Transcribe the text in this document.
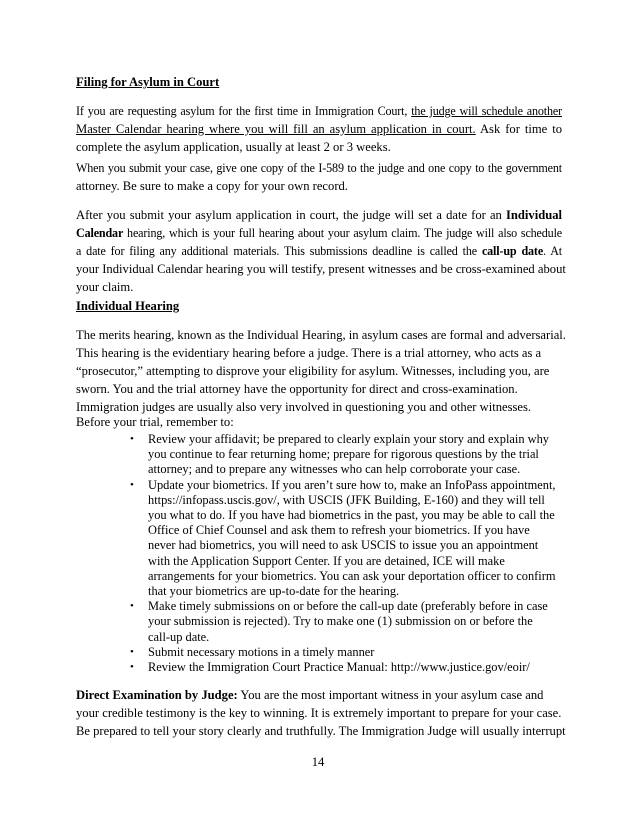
Filing for Asylum in Court
If you are requesting asylum for the first time in Immigration Court, the judge will schedule another
Master Calendar hearing where you will fill an asylum application in court. Ask for time to
complete the asylum application, usually at least 2 or 3 weeks.
When you submit your case, give one copy of the I-589 to the judge and one copy to the government
attorney. Be sure to make a copy for your own record.
After you submit your asylum application in court, the judge will set a date for an Individual
Calendar hearing, which is your full hearing about your asylum claim. The judge will also schedule
a date for filing any additional materials. This submissions deadline is called the call-up date. At
your Individual Calendar hearing you will testify, present witnesses and be cross-examined about
your claim.
Individual Hearing
The merits hearing, known as the Individual Hearing, in asylum cases are formal and adversarial.
This hearing is the evidentiary hearing before a judge. There is a trial attorney, who acts as a
“prosecutor,” attempting to disprove your eligibility for asylum. Witnesses, including you, are
sworn. You and the trial attorney have the opportunity for direct and cross-examination.
Immigration judges are usually also very involved in questioning you and other witnesses.
Before your trial, remember to:
• Review your affidavit; be prepared to clearly explain your story and explain why
you continue to fear returning home; prepare for rigorous questions by the trial
attorney; and to prepare any witnesses who can help corroborate your case.
• Update your biometrics. If you aren’t sure how to, make an InfoPass appointment,
https://infopass.uscis.gov/, with USCIS (JFK Building, E-160) and they will tell
you what to do. If you have had biometrics in the past, you may be able to call the
Office of Chief Counsel and ask them to refresh your biometrics. If you have
never had biometrics, you will need to ask USCIS to issue you an appointment
with the Application Support Center. If you are detained, ICE will make
arrangements for your biometrics. You can ask your deportation officer to confirm
that your biometrics are up-to-date for the hearing.
• Make timely submissions on or before the call-up date (preferably before in case
your submission is rejected). Try to make one (1) submission on or before the
call-up date.
• Submit necessary motions in a timely manner
• Review the Immigration Court Practice Manual: http://www.justice.gov/eoir/
Direct Examination by Judge: You are the most important witness in your asylum case and
your credible testimony is the key to winning. It is extremely important to prepare for your case.
Be prepared to tell your story clearly and truthfully. The Immigration Judge will usually interrupt
14
